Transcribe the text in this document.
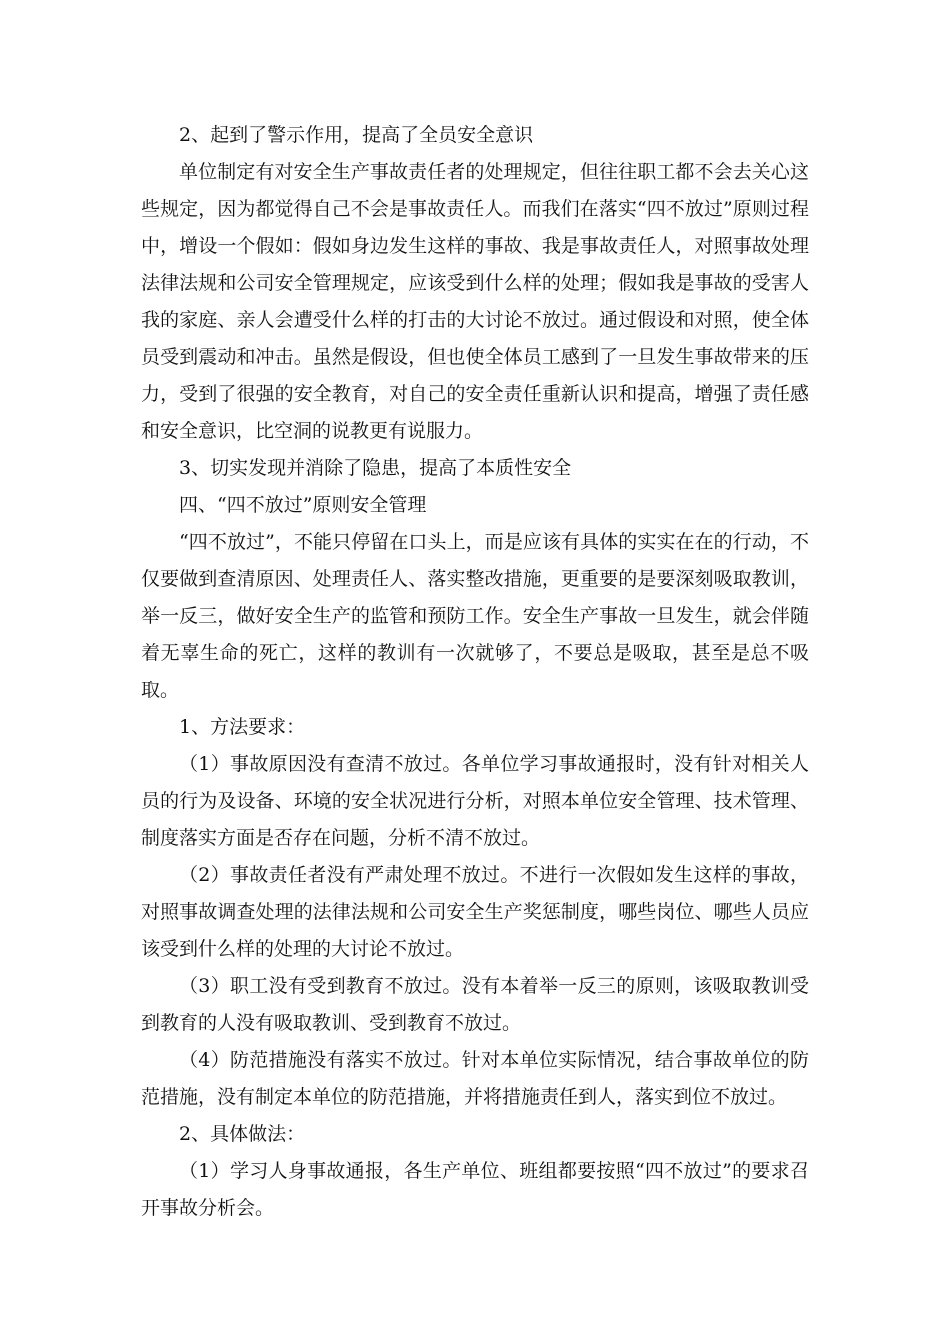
2、起到了警示作用，提高了全员安全意识

单位制定有对安全生产事故责任者的处理规定，但往往职工都不会去关心这些规定，因为都觉得自己不会是事故责任人。而我们在落实“四不放过”原则过程中，增设一个假如：假如身边发生这样的事故、我是事故责任人，对照事故处理法律法规和公司安全管理规定，应该受到什么样的处理；假如我是事故的受害人我的家庭、亲人会遭受什么样的打击的大讨论不放过。通过假设和对照，使全体员受到震动和冲击。虽然是假设，但也使全体员工感到了一旦发生事故带来的压力，受到了很强的安全教育，对自己的安全责任重新认识和提高，增强了责任感和安全意识，比空洞的说教更有说服力。

3、切实发现并消除了隐患，提高了本质性安全

四、“四不放过”原则安全管理

“四不放过”，不能只停留在口头上，而是应该有具体的实实在在的行动，不仅要做到查清原因、处理责任人、落实整改措施，更重要的是要深刻吸取教训，举一反三，做好安全生产的监管和预防工作。安全生产事故一旦发生，就会伴随着无辜生命的死亡，这样的教训有一次就够了，不要总是吸取，甚至是总不吸取。

1、方法要求：

（1）事故原因没有查清不放过。各单位学习事故通报时，没有针对相关人员的行为及设备、环境的安全状况进行分析，对照本单位安全管理、技术管理、制度落实方面是否存在问题，分析不清不放过。

（2）事故责任者没有严肃处理不放过。不进行一次假如发生这样的事故，对照事故调查处理的法律法规和公司安全生产奖惩制度，哪些岗位、哪些人员应该受到什么样的处理的大讨论不放过。

（3）职工没有受到教育不放过。没有本着举一反三的原则，该吸取教训受到教育的人没有吸取教训、受到教育不放过。

（4）防范措施没有落实不放过。针对本单位实际情况，结合事故单位的防范措施，没有制定本单位的防范措施，并将措施责任到人，落实到位不放过。

2、具体做法：

（1）学习人身事故通报，各生产单位、班组都要按照“四不放过”的要求召开事故分析会。
